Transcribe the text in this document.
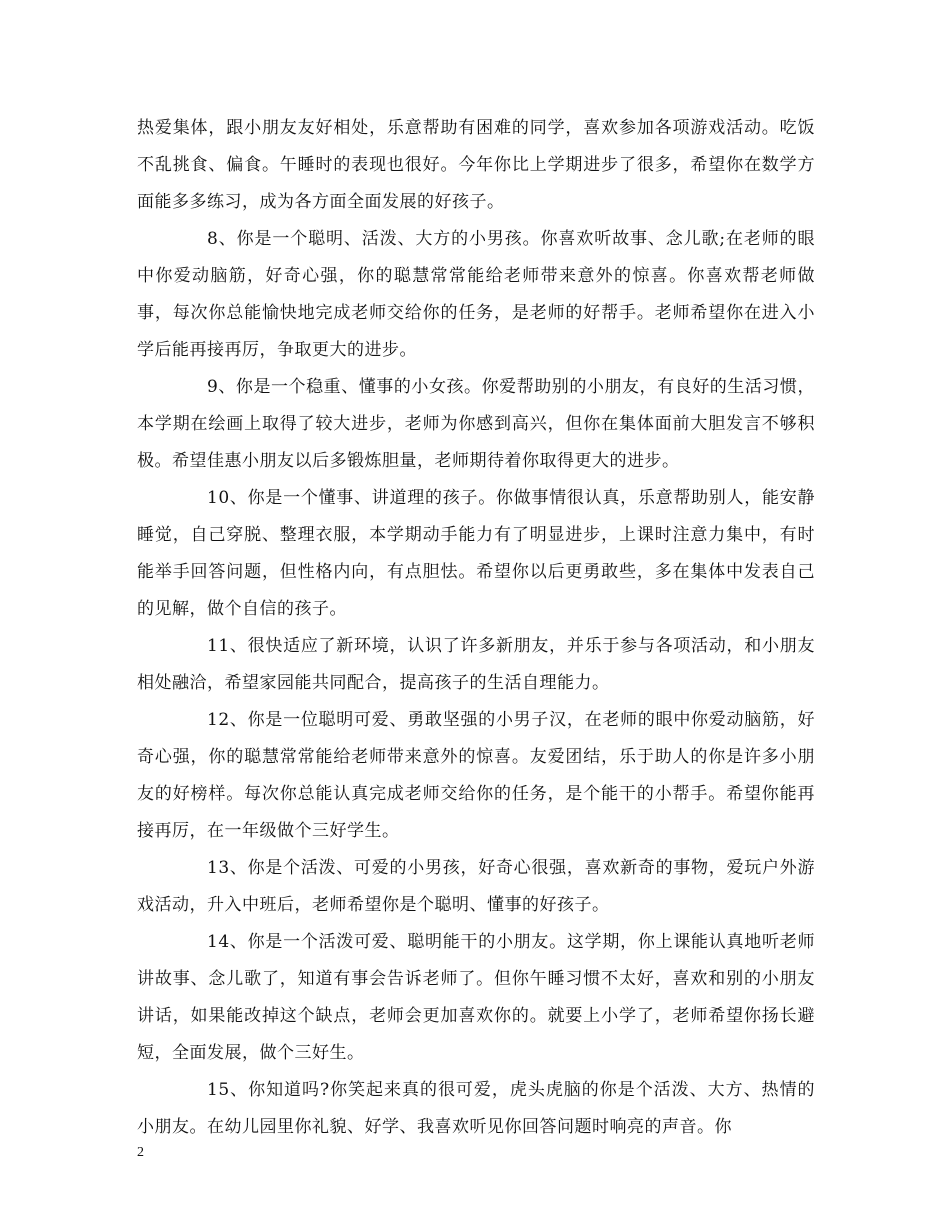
热爱集体，跟小朋友友好相处，乐意帮助有困难的同学，喜欢参加各项游戏活动。吃饭不乱挑食、偏食。午睡时的表现也很好。今年你比上学期进步了很多，希望你在数学方面能多多练习，成为各方面全面发展的好孩子。

8、你是一个聪明、活泼、大方的小男孩。你喜欢听故事、念儿歌;在老师的眼中你爱动脑筋，好奇心强，你的聪慧常常能给老师带来意外的惊喜。你喜欢帮老师做事，每次你总能愉快地完成老师交给你的任务，是老师的好帮手。老师希望你在进入小学后能再接再厉，争取更大的进步。

9、你是一个稳重、懂事的小女孩。你爱帮助别的小朋友，有良好的生活习惯，本学期在绘画上取得了较大进步，老师为你感到高兴，但你在集体面前大胆发言不够积极。希望佳惠小朋友以后多锻炼胆量，老师期待着你取得更大的进步。

10、你是一个懂事、讲道理的孩子。你做事情很认真，乐意帮助别人，能安静睡觉，自己穿脱、整理衣服，本学期动手能力有了明显进步，上课时注意力集中，有时能举手回答问题，但性格内向，有点胆怯。希望你以后更勇敢些，多在集体中发表自己的见解，做个自信的孩子。

11、很快适应了新环境，认识了许多新朋友，并乐于参与各项活动，和小朋友相处融洽，希望家园能共同配合，提高孩子的生活自理能力。

12、你是一位聪明可爱、勇敢坚强的小男子汉，在老师的眼中你爱动脑筋，好奇心强，你的聪慧常常能给老师带来意外的惊喜。友爱团结，乐于助人的你是许多小朋友的好榜样。每次你总能认真完成老师交给你的任务，是个能干的小帮手。希望你能再接再厉，在一年级做个三好学生。

13、你是个活泼、可爱的小男孩，好奇心很强，喜欢新奇的事物，爱玩户外游戏活动，升入中班后，老师希望你是个聪明、懂事的好孩子。

14、你是一个活泼可爱、聪明能干的小朋友。这学期，你上课能认真地听老师讲故事、念儿歌了，知道有事会告诉老师了。但你午睡习惯不太好，喜欢和别的小朋友讲话，如果能改掉这个缺点，老师会更加喜欢你的。就要上小学了，老师希望你扬长避短，全面发展，做个三好生。

15、你知道吗?你笑起来真的很可爱，虎头虎脑的你是个活泼、大方、热情的小朋友。在幼儿园里你礼貌、好学、我喜欢听见你回答问题时响亮的声音。你

2
